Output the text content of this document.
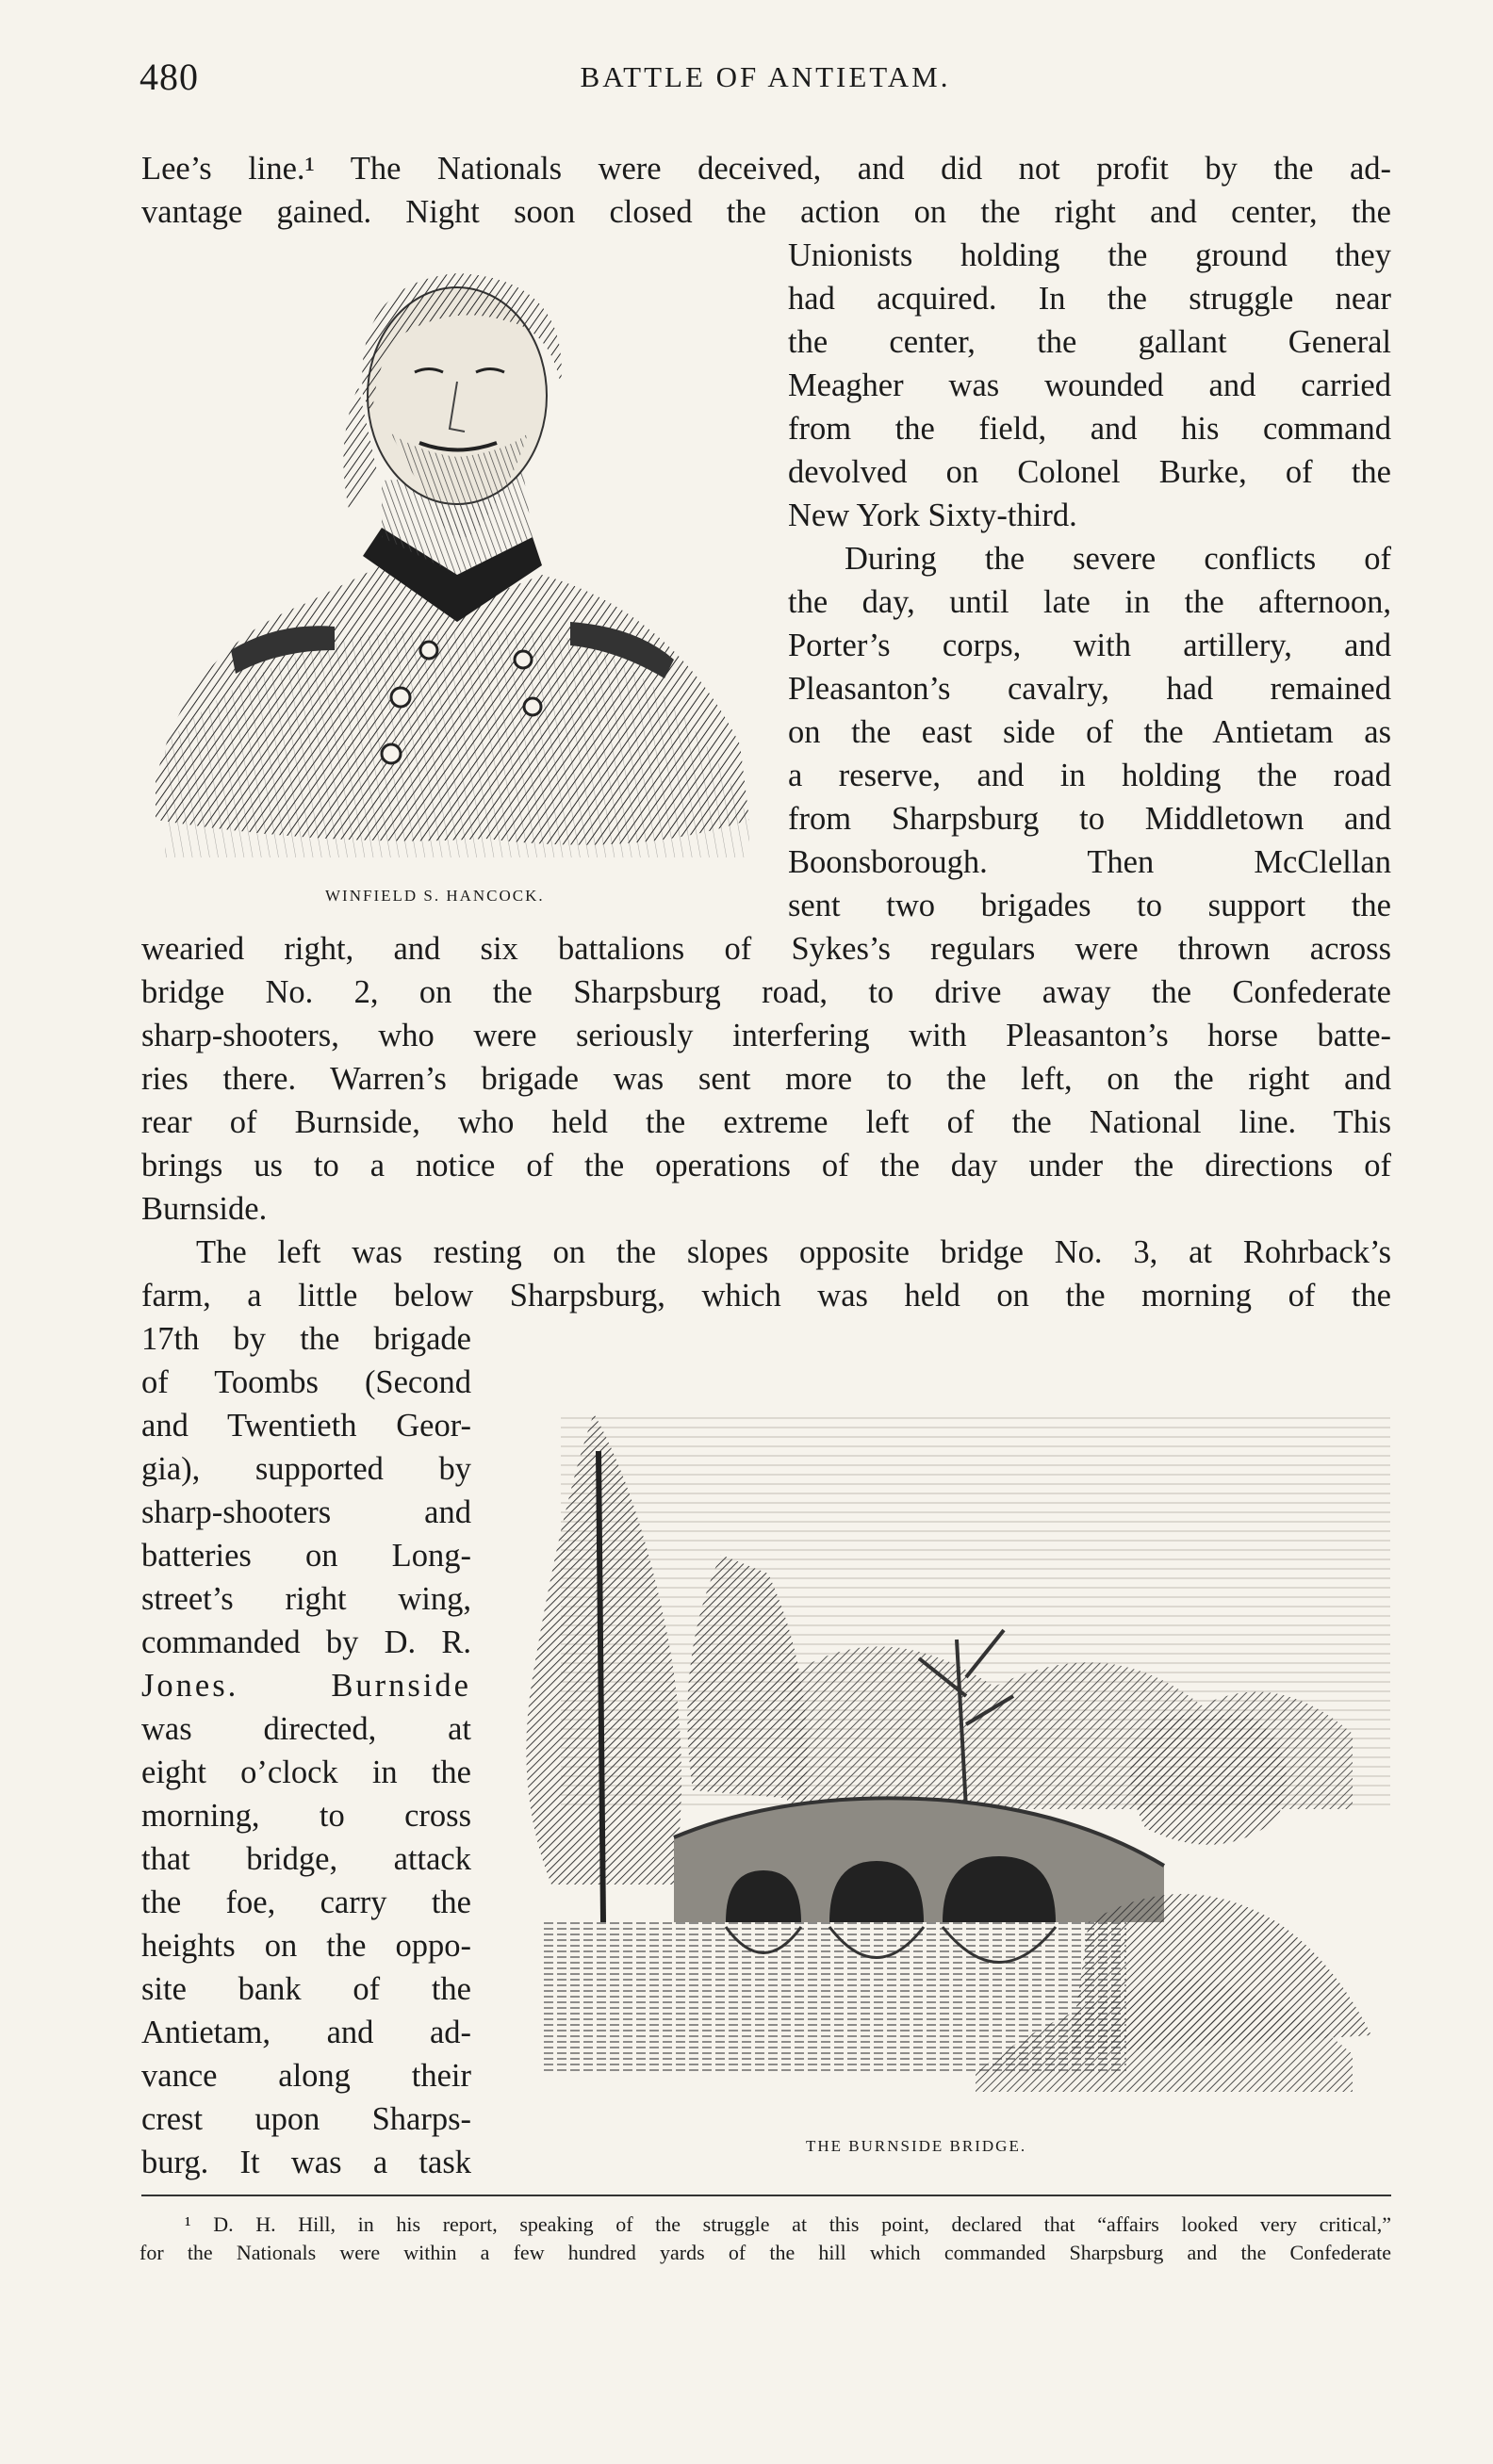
480	BATTLE OF ANTIETAM.
Lee’s line.¹ The Nationals were deceived, and did not profit by the ad-
vantage gained. Night soon closed the action on the right and center, the
Unionists holding the ground they
had acquired. In the struggle near
the center, the gallant General
Meagher was wounded and carried
from the field, and his command
devolved on Colonel Burke, of the
New York Sixty-third.
During the severe conflicts of
the day, until late in the afternoon,
Porter’s corps, with artillery, and
Pleasanton’s cavalry, had remained
on the east side of the Antietam as
a reserve, and in holding the road
from Sharpsburg to Middletown and
Boonsborough. Then McClellan
sent two brigades to support the
WINFIELD S. HANCOCK.
wearied right, and six battalions of Sykes’s regulars were thrown across
bridge No. 2, on the Sharpsburg road, to drive away the Confederate
sharp-shooters, who were seriously interfering with Pleasanton’s horse batte-
ries there. Warren’s brigade was sent more to the left, on the right and
rear of Burnside, who held the extreme left of the National line. This
brings us to a notice of the operations of the day under the directions of
Burnside.
The left was resting on the slopes opposite bridge No. 3, at Rohrback’s
farm, a little below Sharpsburg, which was held on the morning of the
17th by the brigade
of Toombs (Second
and Twentieth Geor-
gia), supported by
sharp-shooters and
batteries on Long-
street’s right wing,
commanded by D. R.
Jones. Burnside
was directed, at
eight o’clock in the
morning, to cross
that bridge, attack
the foe, carry the
heights on the oppo-
site bank of the
Antietam, and ad-
vance along their
crest upon Sharps-
burg. It was a task	THE BURNSIDE BRIDGE.
¹ D. H. Hill, in his report, speaking of the struggle at this point, declared that “affairs looked very critical,”
for the Nationals were within a few hundred yards of the hill which commanded Sharpsburg and the Confederate
